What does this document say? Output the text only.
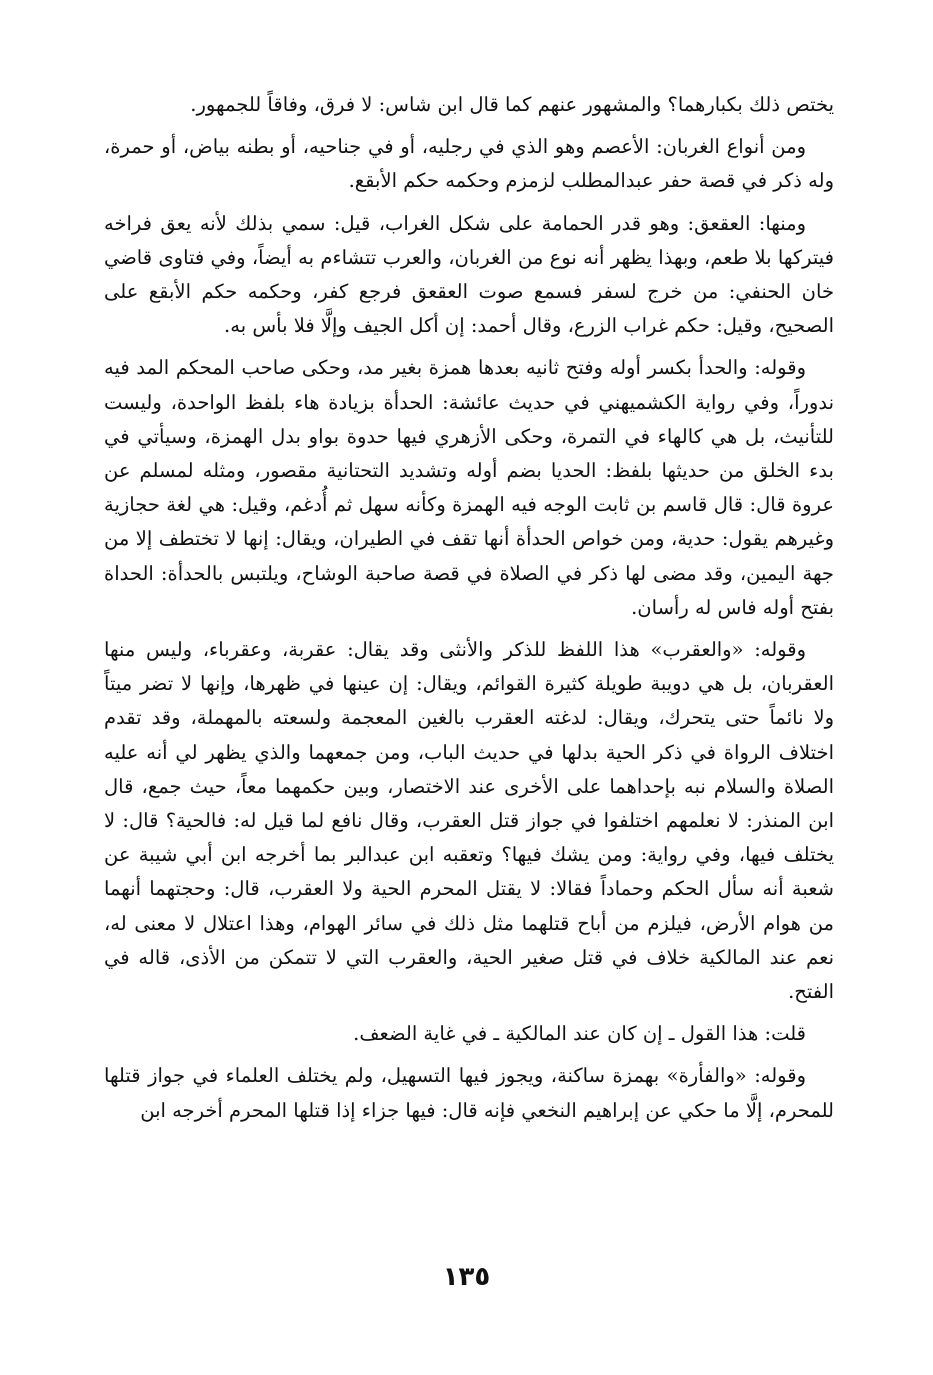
يختص ذلك بكبارهما؟ والمشهور عنهم كما قال ابن شاس: لا فرق، وفاقاً للجمهور.

ومن أنواع الغربان: الأعصم وهو الذي في رجليه، أو في جناحيه، أو بطنه بياض، أو حمرة، وله ذكر في قصة حفر عبدالمطلب لزمزم وحكمه حكم الأبقع.

ومنها: العقعق: وهو قدر الحمامة على شكل الغراب، قيل: سمي بذلك لأنه يعق فراخه فيتركها بلا طعم، وبهذا يظهر أنه نوع من الغربان، والعرب تتشاءم به أيضاً، وفي فتاوى قاضي خان الحنفي: من خرج لسفر فسمع صوت العقعق فرجع كفر، وحكمه حكم الأبقع على الصحيح، وقيل: حكم غراب الزرع، وقال أحمد: إن أكل الجيف وإلَّا فلا بأس به.

وقوله: والحدأ بكسر أوله وفتح ثانيه بعدها همزة بغير مد، وحكى صاحب المحكم المد فيه ندوراً، وفي رواية الكشميهني في حديث عائشة: الحدأة بزيادة هاء بلفظ الواحدة، وليست للتأنيث، بل هي كالهاء في التمرة، وحكى الأزهري فيها حدوة بواو بدل الهمزة، وسيأتي في بدء الخلق من حديثها بلفظ: الحديا بضم أوله وتشديد التحتانية مقصور، ومثله لمسلم عن عروة قال: قال قاسم بن ثابت الوجه فيه الهمزة وكأنه سهل ثم أُدغم، وقيل: هي لغة حجازية وغيرهم يقول: حدية، ومن خواص الحدأة أنها تقف في الطيران، ويقال: إنها لا تختطف إلا من جهة اليمين، وقد مضى لها ذكر في الصلاة في قصة صاحبة الوشاح، ويلتبس بالحدأة: الحداة بفتح أوله فاس له رأسان.

وقوله: «والعقرب» هذا اللفظ للذكر والأنثى وقد يقال: عقربة، وعقرباء، وليس منها العقربان، بل هي دويبة طويلة كثيرة القوائم، ويقال: إن عينها في ظهرها، وإنها لا تضر ميتاً ولا نائماً حتى يتحرك، ويقال: لدغته العقرب بالغين المعجمة ولسعته بالمهملة، وقد تقدم اختلاف الرواة في ذكر الحية بدلها في حديث الباب، ومن جمعهما والذي يظهر لي أنه عليه الصلاة والسلام نبه بإحداهما على الأخرى عند الاختصار، وبين حكمهما معاً، حيث جمع، قال ابن المنذر: لا نعلمهم اختلفوا في جواز قتل العقرب، وقال نافع لما قيل له: فالحية؟ قال: لا يختلف فيها، وفي رواية: ومن يشك فيها؟ وتعقبه ابن عبدالبر بما أخرجه ابن أبي شيبة عن شعبة أنه سأل الحكم وحماداً فقالا: لا يقتل المحرم الحية ولا العقرب، قال: وحجتهما أنهما من هوام الأرض، فيلزم من أباح قتلهما مثل ذلك في سائر الهوام، وهذا اعتلال لا معنى له، نعم عند المالكية خلاف في قتل صغير الحية، والعقرب التي لا تتمكن من الأذى، قاله في الفتح.

قلت: هذا القول ـ إن كان عند المالكية ـ في غاية الضعف.

وقوله: «والفأرة» بهمزة ساكنة، ويجوز فيها التسهيل، ولم يختلف العلماء في جواز قتلها للمحرم، إلَّا ما حكي عن إبراهيم النخعي فإنه قال: فيها جزاء إذا قتلها المحرم أخرجه ابن

١٣٥
